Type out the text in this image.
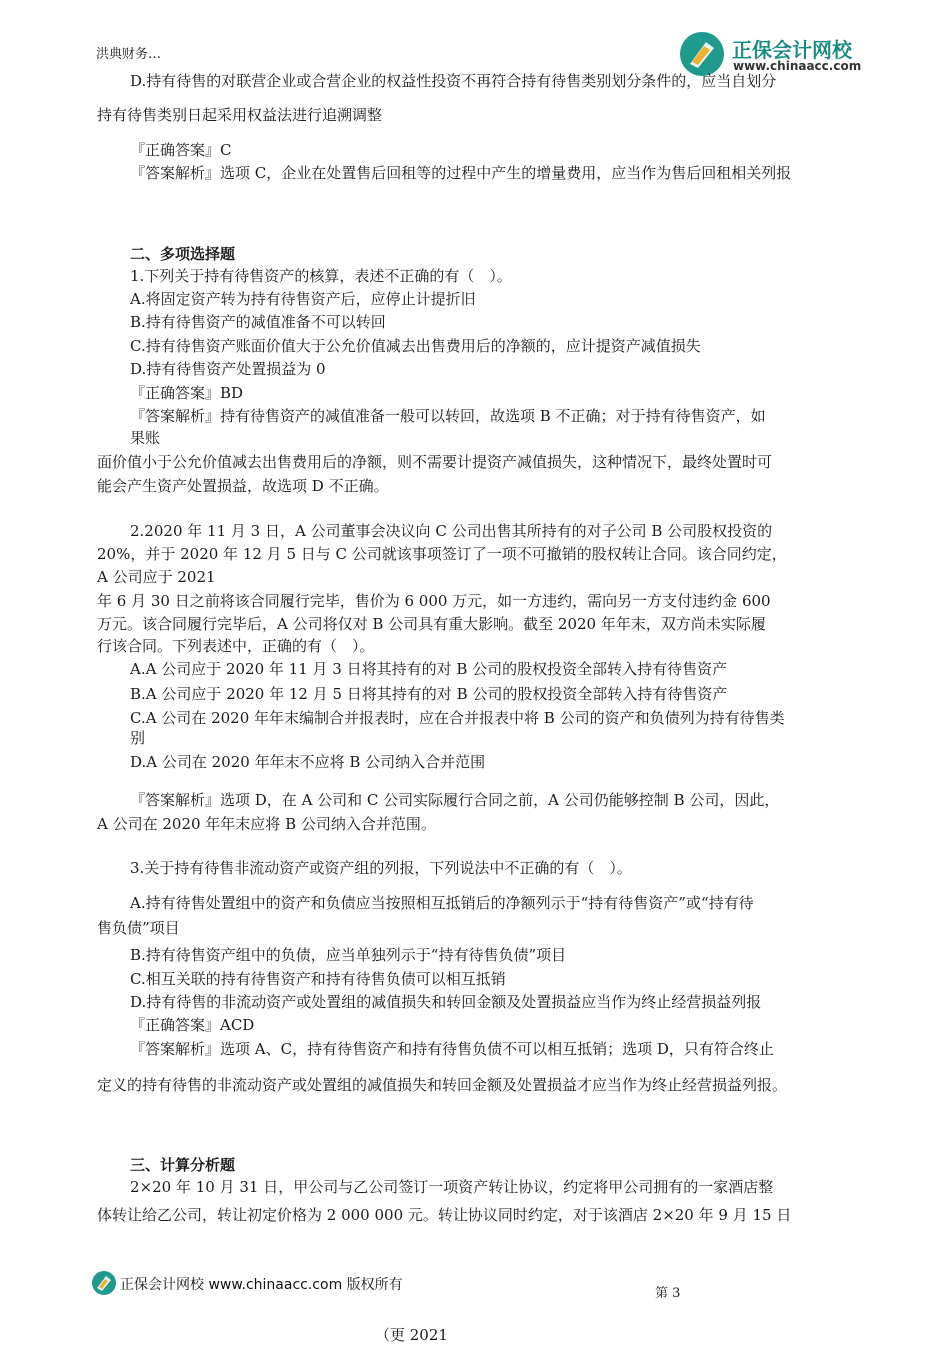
洪典财务…	正保会计网校
www.chinaacc.com
D.持有待售的对联营企业或合营企业的权益性投资不再符合持有待售类别划分条件的，应当自划分
持有待售类别日起采用权益法进行追溯调整
『正确答案』C
『答案解析』选项 C，企业在处置售后回租等的过程中产生的增量费用，应当作为售后回租相关列报
二、多项选择题
1.下列关于持有待售资产的核算，表述不正确的有（　）。
A.将固定资产转为持有待售资产后，应停止计提折旧
B.持有待售资产的减值准备不可以转回
C.持有待售资产账面价值大于公允价值减去出售费用后的净额的，应计提资产减值损失
D.持有待售资产处置损益为 0
『正确答案』BD
『答案解析』持有待售资产的减值准备一般可以转回，故选项 B 不正确；对于持有待售资产，如
果账
面价值小于公允价值减去出售费用后的净额，则不需要计提资产减值损失，这种情况下，最终处置时可
能会产生资产处置损益，故选项 D 不正确。
2.2020 年 11 月 3 日，A 公司董事会决议向 C 公司出售其所持有的对子公司 B 公司股权投资的
20%，并于 2020 年 12 月 5 日与 C 公司就该事项签订了一项不可撤销的股权转让合同。该合同约定，
A 公司应于 2021
年 6 月 30 日之前将该合同履行完毕，售价为 6 000 万元，如一方违约，需向另一方支付违约金 600
万元。该合同履行完毕后，A 公司将仅对 B 公司具有重大影响。截至 2020 年年末，双方尚未实际履
行该合同。下列表述中，正确的有（　）。
A.A 公司应于 2020 年 11 月 3 日将其持有的对 B 公司的股权投资全部转入持有待售资产
B.A 公司应于 2020 年 12 月 5 日将其持有的对 B 公司的股权投资全部转入持有待售资产
C.A 公司在 2020 年年末编制合并报表时，应在合并报表中将 B 公司的资产和负债列为持有待售类
别
D.A 公司在 2020 年年末不应将 B 公司纳入合并范围
『答案解析』选项 D，在 A 公司和 C 公司实际履行合同之前，A 公司仍能够控制 B 公司，因此，
A 公司在 2020 年年末应将 B 公司纳入合并范围。
3.关于持有待售非流动资产或资产组的列报，下列说法中不正确的有（　）。
A.持有待售处置组中的资产和负债应当按照相互抵销后的净额列示于“持有待售资产”或“持有待
售负债”项目
B.持有待售资产组中的负债，应当单独列示于“持有待售负债”项目
C.相互关联的持有待售资产和持有待售负债可以相互抵销
D.持有待售的非流动资产或处置组的减值损失和转回金额及处置损益应当作为终止经营损益列报
『正确答案』ACD
『答案解析』选项 A、C，持有待售资产和持有待售负债不可以相互抵销；选项 D，只有符合终止
定义的持有待售的非流动资产或处置组的减值损失和转回金额及处置损益才应当作为终止经营损益列报。
三、计算分析题
2×20 年 10 月 31 日，甲公司与乙公司签订一项资产转让协议，约定将甲公司拥有的一家酒店整
体转让给乙公司，转让初定价格为 2 000 000 元。转让协议同时约定，对于该酒店 2×20 年 9 月 15 日
正保会计网校 www.chinaacc.com 版权所有
第 3
（更 2021
